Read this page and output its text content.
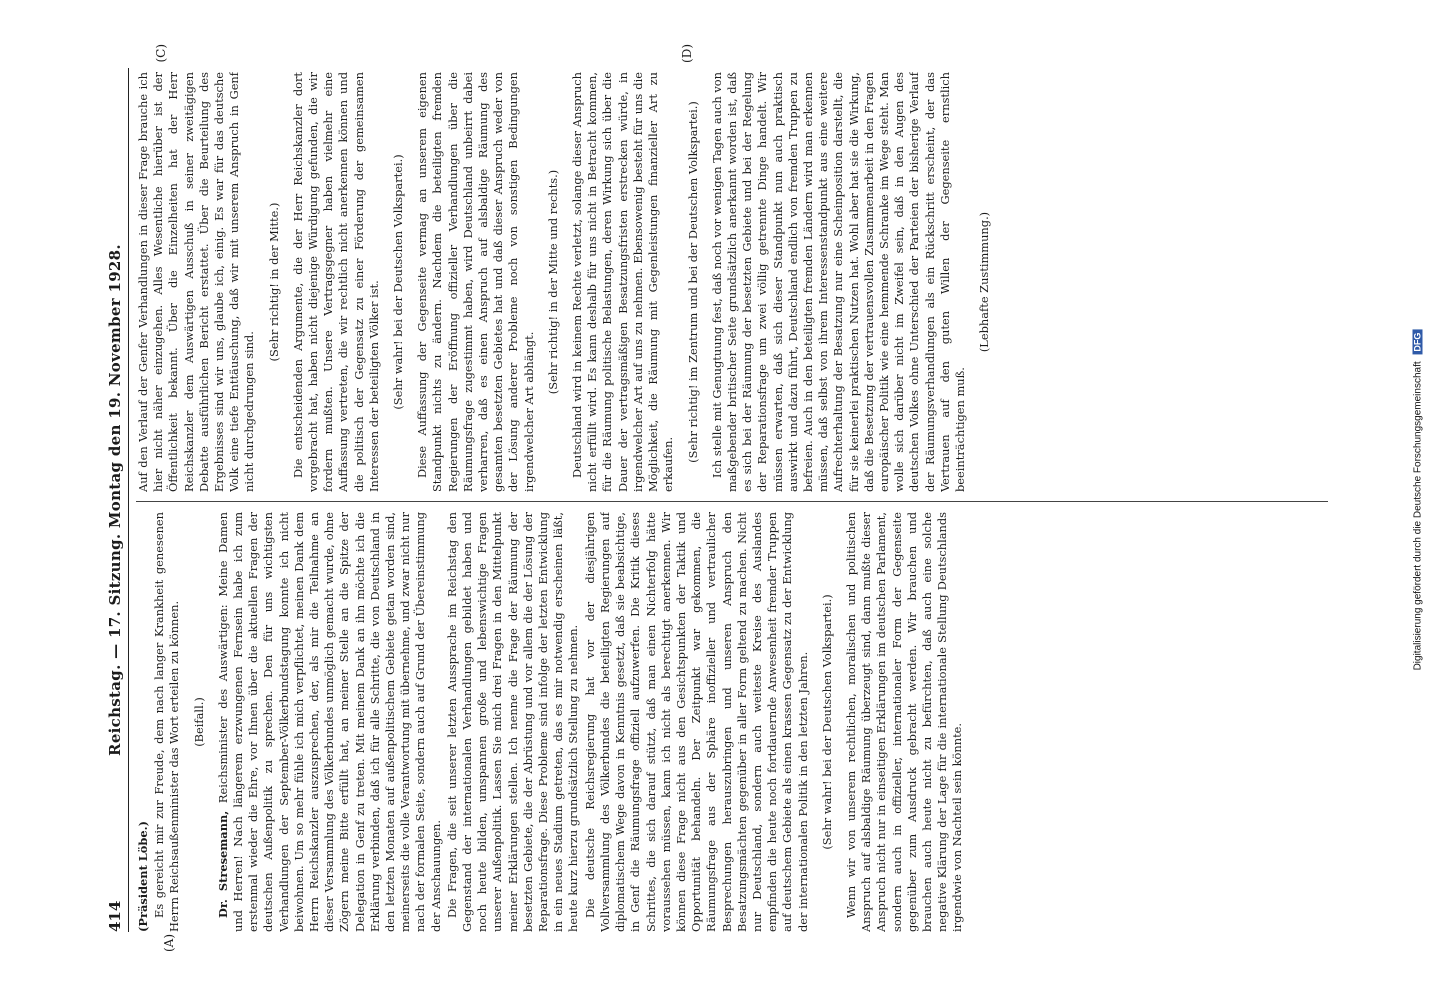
414
Reichstag. — 17. Sitzung. Montag den 19. November 1928.
(A)
(C)	(D)

(Präsident Löbe.) Es gereicht mir zur Freude, dem nach langer Krankheit genesenen Herrn Reichsaußenminister das Wort erteilen zu können. (Beifall.)

Dr. Stresemann, Reichsminister des Auswärtigen: Meine Damen und Herren! Nach längerem erzwungenen Fernsein habe ich zum erstenmal wieder die Ehre, vor Ihnen über die aktuellen Fragen der deutschen Außenpolitik zu sprechen. Den für uns wichtigsten Verhandlungen der September-Völkerbundstagung konnte ich nicht beiwohnen. Um so mehr fühle ich mich verpflichtet, meinen Dank dem Herrn Reichskanzler auszusprechen, der, als mir die Teilnahme an dieser Versammlung des Völkerbundes unmöglich gemacht wurde, ohne Zögern meine Bitte erfüllt hat, an meiner Stelle an die Spitze der Delegation in Genf zu treten. Mit meinem Dank an ihn möchte ich die Erklärung verbinden, daß ich für alle Schritte, die von Deutschland in den letzten Monaten auf außenpolitischem Gebiete getan worden sind, meinerseits die volle Verantwortung mit übernehme, und zwar nicht nur nach der formalen Seite, sondern auch auf Grund der Übereinstimmung der Anschauungen. Die Fragen, die seit unserer letzten Aussprache im Reichstag den Gegenstand der internationalen Verhandlungen gebildet haben und noch heute bilden, umspannen große und lebenswichtige Fragen unserer Außenpolitik. Lassen Sie mich drei Fragen in den Mittelpunkt meiner Erklärungen stellen. Ich nenne die Frage der Räumung der besetzten Gebiete, die der Abrüstung und vor allem die der Lösung der Reparationsfrage. Diese Probleme sind infolge der letzten Entwicklung in ein neues Stadium getreten, das es mir notwendig erscheinen läßt, heute kurz hierzu grundsätzlich Stellung zu nehmen. Die deutsche Reichsregierung hat vor der diesjährigen Vollversammlung des Völkerbundes die beteiligten Regierungen auf diplomatischem Wege davon in Kenntnis gesetzt, daß sie beabsichtige, in Genf die Räumungsfrage offiziell aufzuwerfen. Die Kritik dieses Schrittes, die sich darauf stützt, daß man einen Nichterfolg hätte voraussehen müssen, kann ich nicht als berechtigt anerkennen. Wir können diese Frage nicht aus den Gesichtspunkten der Taktik und Opportunität behandeln. Der Zeitpunkt war gekommen, die Räumungsfrage aus der Sphäre inoffizieller und vertraulicher Besprechungen herauszubringen und unseren Anspruch den Besatzungsmächten gegenüber in aller Form geltend zu machen. Nicht nur Deutschland, sondern auch weiteste Kreise des Auslandes empfinden die heute noch fortdauernde Anwesenheit fremder Truppen auf deutschem Gebiete als einen krassen Gegensatz zu der Entwicklung der internationalen Politik in den letzten Jahren. (Sehr wahr! bei der Deutschen Volkspartei.) Wenn wir von unserem rechtlichen, moralischen und politischen Anspruch auf alsbaldige Räumung überzeugt sind, dann mußte dieser Anspruch nicht nur in einseitigen Erklärungen im deutschen Parlament, sondern auch in offizieller, internationaler Form der Gegenseite gegenüber zum Ausdruck gebracht werden. Wir brauchen und brauchen auch heute nicht zu befürchten, daß auch eine solche negative Klärung der Lage für die internationale Stellung Deutschlands irgendwie von Nachteil sein könnte.

Auf den Verlauf der Genfer Verhandlungen in dieser Frage brauche ich hier nicht näher einzugehen. Alles Wesentliche hierüber ist der Öffentlichkeit bekannt. Über die Einzelheiten hat der Herr Reichskanzler dem Auswärtigen Ausschuß in seiner zweitägigen Debatte ausführlichen Bericht erstattet. Über die Beurteilung des Ergebnisses sind wir uns, glaube ich, einig. Es war für das deutsche Volk eine tiefe Enttäuschung, daß wir mit unserem Anspruch in Genf nicht durchgedrungen sind.

(Sehr richtig! in der Mitte.) Die entscheidenden Argumente, die der Herr Reichskanzler dort vorgebracht hat, haben nicht diejenige Würdigung gefunden, die wir fordern mußten. Unsere Vertragsgegner haben vielmehr eine Auffassung vertreten, die wir rechtlich nicht anerkennen können und die politisch der Gegensatz zu einer Förderung der gemeinsamen Interessen der beteiligten Völker ist. (Sehr wahr! bei der Deutschen Volkspartei.) Diese Auffassung der Gegenseite vermag an unserem eigenen Standpunkt nichts zu ändern. Nachdem die beteiligten fremden Regierungen der Eröffnung offizieller Verhandlungen über die Räumungsfrage zugestimmt haben, wird Deutschland unbeirrt dabei verharren, daß es einen Anspruch auf alsbaldige Räumung des gesamten besetzten Gebietes hat und daß dieser Anspruch weder von der Lösung anderer Probleme noch von sonstigen Bedingungen irgendwelcher Art abhängt.

(Sehr richtig! in der Mitte und rechts.) Deutschland wird in keinem Rechte verletzt, solange dieser Anspruch nicht erfüllt wird. Es kann deshalb für uns nicht in Betracht kommen, für die Räumung politische Belastungen, deren Wirkung sich über die Dauer der vertragsmäßigen Besatzungsfristen erstrecken würde, in irgendwelcher Art auf uns zu nehmen. Ebensowenig besteht für uns die Möglichkeit, die Räumung mit Gegenleistungen finanzieller Art zu erkaufen.

(Sehr richtig! im Zentrum und bei der Deutschen Volkspartei.) Ich stelle mit Genugtuung fest, daß noch vor wenigen Tagen auch von maßgebender britischer Seite grundsätzlich anerkannt worden ist, daß es sich bei der Räumung der besetzten Gebiete und bei der Regelung der Reparationsfrage um zwei völlig getrennte Dinge handelt. Wir müssen erwarten, daß sich dieser Standpunkt nun auch praktisch auswirkt und dazu führt, Deutschland endlich von fremden Truppen zu befreien. Auch in den beteiligten fremden Ländern wird man erkennen müssen, daß selbst von ihrem Interessenstandpunkt aus eine weitere Aufrechterhaltung der Besatzung nur eine Scheinposition darstellt, die für sie keinerlei praktischen Nutzen hat. Wohl aber hat sie die Wirkung, daß die Besetzung der vertrauensvollen Zusammenarbeit in den Fragen europäischer Politik wie eine hemmende Schranke im Wege steht. Man wolle sich darüber nicht im Zweifel sein, daß in den Augen des deutschen Volkes ohne Unterschied der Parteien der bisherige Verlauf der Räumungsverhandlungen als ein Rückschritt erscheint, der das Vertrauen auf den guten Willen der Gegenseite ernstlich beeinträchtigen muß.

(Lebhafte Zustimmung.)

Digitalisierung gefördert durch die Deutsche Forschungsgemeinschaft DFG
